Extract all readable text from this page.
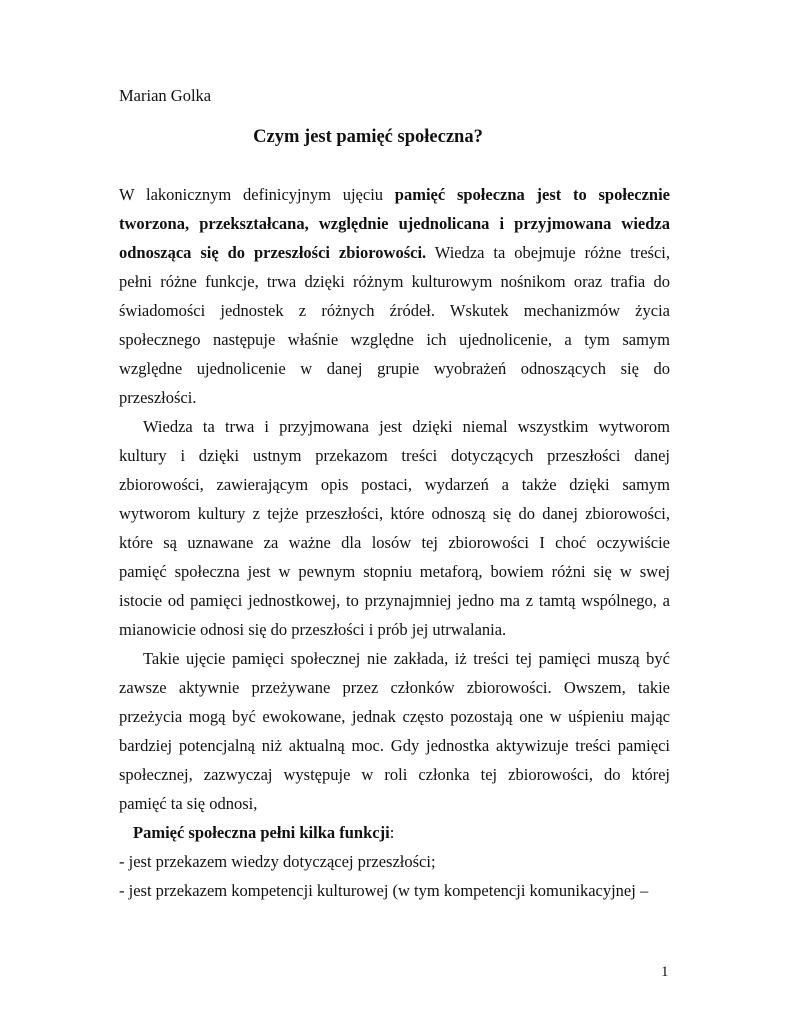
Marian Golka

Czym jest pamięć społeczna?
W lakonicznym definicyjnym ujęciu pamięć społeczna jest to społecznie
tworzona, przekształcana, względnie ujednolicana i przyjmowana wiedza
odnosząca się do przeszłości zbiorowości. Wiedza ta obejmuje różne treści,
pełni różne funkcje, trwa dzięki różnym kulturowym nośnikom oraz trafia do
świadomości jednostek z różnych źródeł. Wskutek mechanizmów życia
społecznego następuje właśnie względne ich ujednolicenie, a tym samym
względne ujednolicenie w danej grupie wyobrażeń odnoszących się do
przeszłości.
Wiedza ta trwa i przyjmowana jest dzięki niemal wszystkim wytworom
kultury i dzięki ustnym przekazom treści dotyczących przeszłości danej
zbiorowości, zawierającym opis postaci, wydarzeń a także dzięki samym
wytworom kultury z tejże przeszłości, które odnoszą się do danej zbiorowości,
które są uznawane za ważne dla losów tej zbiorowości I choć oczywiście
pamięć społeczna jest w pewnym stopniu metaforą, bowiem różni się w swej
istocie od pamięci jednostkowej, to przynajmniej jedno ma z tamtą wspólnego, a
mianowicie odnosi się do przeszłości i prób jej utrwalania.
Takie ujęcie pamięci społecznej nie zakłada, iż treści tej pamięci muszą być
zawsze aktywnie przeżywane przez członków zbiorowości. Owszem, takie
przeżycia mogą być ewokowane, jednak często pozostają one w uśpieniu mając
bardziej potencjalną niż aktualną moc. Gdy jednostka aktywizuje treści pamięci
społecznej, zazwyczaj występuje w roli członka tej zbiorowości, do której
pamięć ta się odnosi,
Pamięć społeczna pełni kilka funkcji:
- jest przekazem wiedzy dotyczącej przeszłości;
- jest przekazem kompetencji kulturowej (w tym kompetencji komunikacyjnej –
1
